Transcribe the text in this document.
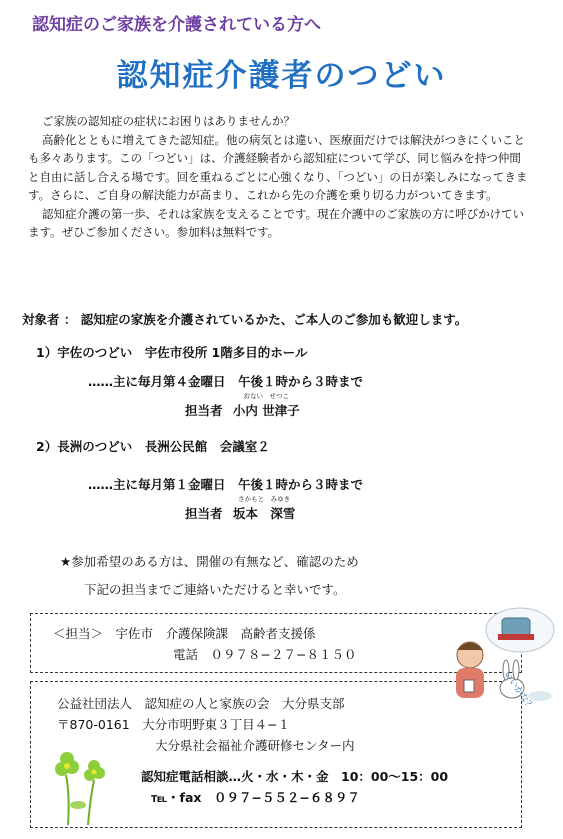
認知症のご家族を介護されている方へ
認知症介護者のつどい

ご家族の認知症の症状にお困りはありませんか？

高齢化とともに増えてきた認知症。他の病気とは違い、医療面だけでは解決がつきにくいことも多々あります。この「つどい」は、介護経験者から認知症について学び、同じ悩みを持つ仲間と自由に話し合える場です。回を重ねるごとに心強くなり、「つどい」の日が楽しみになってきます。さらに、ご自身の解決能力が高まり、これから先の介護を乗り切る力がついてきます。

認知症介護の第一歩、それは家族を支えることです。現在介護中のご家族の方に呼びかけています。ぜひご参加ください。参加料は無料です。

対象者 ： 認知症の家族を介護されているかた、ご本人のご参加も歓迎します。
1）宇佐のつどい　宇佐市役所 1階多目的ホール
……主に毎月第４金曜日　午後１時から３時まで
担当者
おない　せつこ
小内 世津子
2）長洲のつどい　長洲公民館　会議室２
……主に毎月第１金曜日　午後１時から３時まで
担当者
さかもと　みゆき
坂本　深雪
★参加希望のある方は、開催の有無など、確認のため
下記の担当までご連絡いただけると幸いです。
＜担当＞　宇佐市　介護保険課　高齢者支援係
電話　０９７８−２７−８１５０
公益社団法人　認知症の人と家族の会　大分県支部
〒870-0161　大分市明野東３丁目４−１
大分県社会福祉介護研修センター内
認知症電話相談…火・水・木・金　10：00〜15：00
℡・fax　０９７−５５２−６８９７
いいかな？
